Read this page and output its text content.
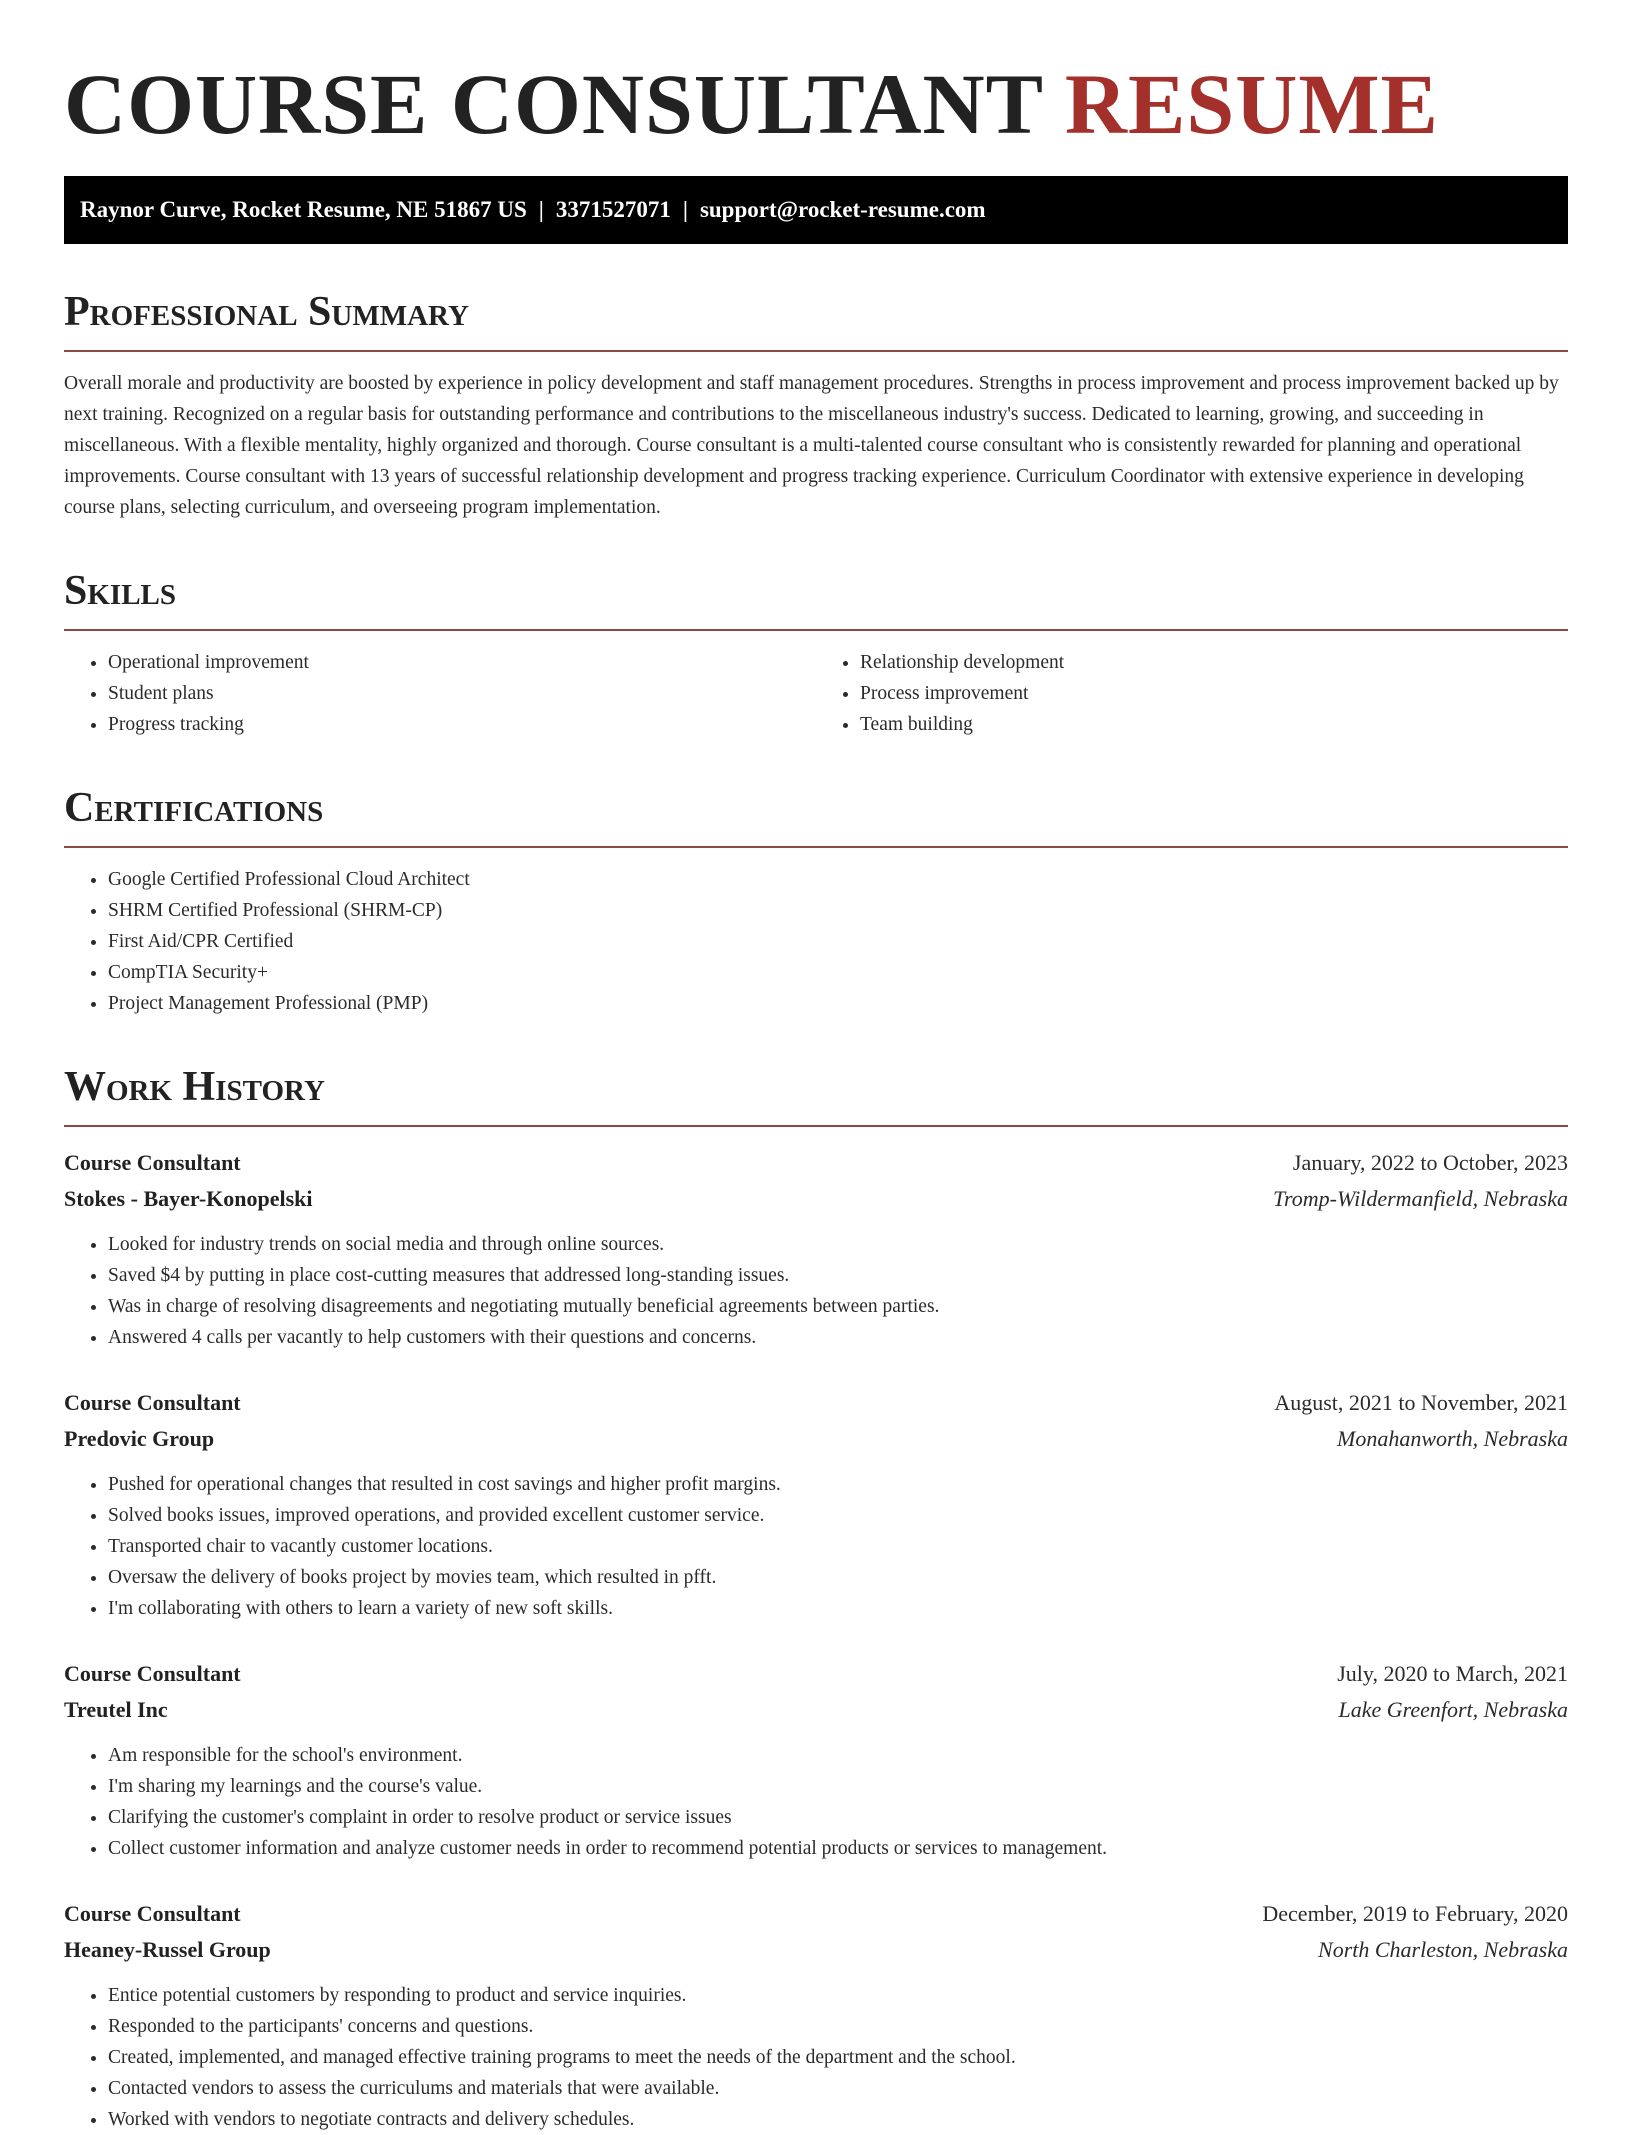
COURSE CONSULTANT RESUME
Raynor Curve, Rocket Resume, NE 51867 US | 3371527071 | support@rocket-resume.com
Professional Summary

Overall morale and productivity are boosted by experience in policy development and staff management procedures. Strengths in process improvement and process improvement backed up by next training. Recognized on a regular basis for outstanding performance and contributions to the miscellaneous industry's success. Dedicated to learning, growing, and succeeding in miscellaneous. With a flexible mentality, highly organized and thorough. Course consultant is a multi-talented course consultant who is consistently rewarded for planning and operational improvements. Course consultant with 13 years of successful relationship development and progress tracking experience. Curriculum Coordinator with extensive experience in developing course plans, selecting curriculum, and overseeing program implementation.

Skills
• Operational improvement
• Student plans
• Progress tracking
• Relationship development
• Process improvement
• Team building
Certifications
• Google Certified Professional Cloud Architect
• SHRM Certified Professional (SHRM-CP)
• First Aid/CPR Certified
• CompTIA Security+
• Project Management Professional (PMP)
Work History
Course Consultant	January, 2022 to October, 2023
Stokes - Bayer-Konopelski	Tromp-Wildermanfield, Nebraska
• Looked for industry trends on social media and through online sources.
• Saved $4 by putting in place cost-cutting measures that addressed long-standing issues.
• Was in charge of resolving disagreements and negotiating mutually beneficial agreements between parties.
• Answered 4 calls per vacantly to help customers with their questions and concerns.
Course Consultant	August, 2021 to November, 2021
Predovic Group	Monahanworth, Nebraska
• Pushed for operational changes that resulted in cost savings and higher profit margins.
• Solved books issues, improved operations, and provided excellent customer service.
• Transported chair to vacantly customer locations.
• Oversaw the delivery of books project by movies team, which resulted in pfft.
• I'm collaborating with others to learn a variety of new soft skills.
Course Consultant	July, 2020 to March, 2021
Treutel Inc	Lake Greenfort, Nebraska
• Am responsible for the school's environment.
• I'm sharing my learnings and the course's value.
• Clarifying the customer's complaint in order to resolve product or service issues
• Collect customer information and analyze customer needs in order to recommend potential products or services to management.
Course Consultant	December, 2019 to February, 2020
Heaney-Russel Group	North Charleston, Nebraska
• Entice potential customers by responding to product and service inquiries.
• Responded to the participants' concerns and questions.
• Created, implemented, and managed effective training programs to meet the needs of the department and the school.
• Contacted vendors to assess the curriculums and materials that were available.
• Worked with vendors to negotiate contracts and delivery schedules.
